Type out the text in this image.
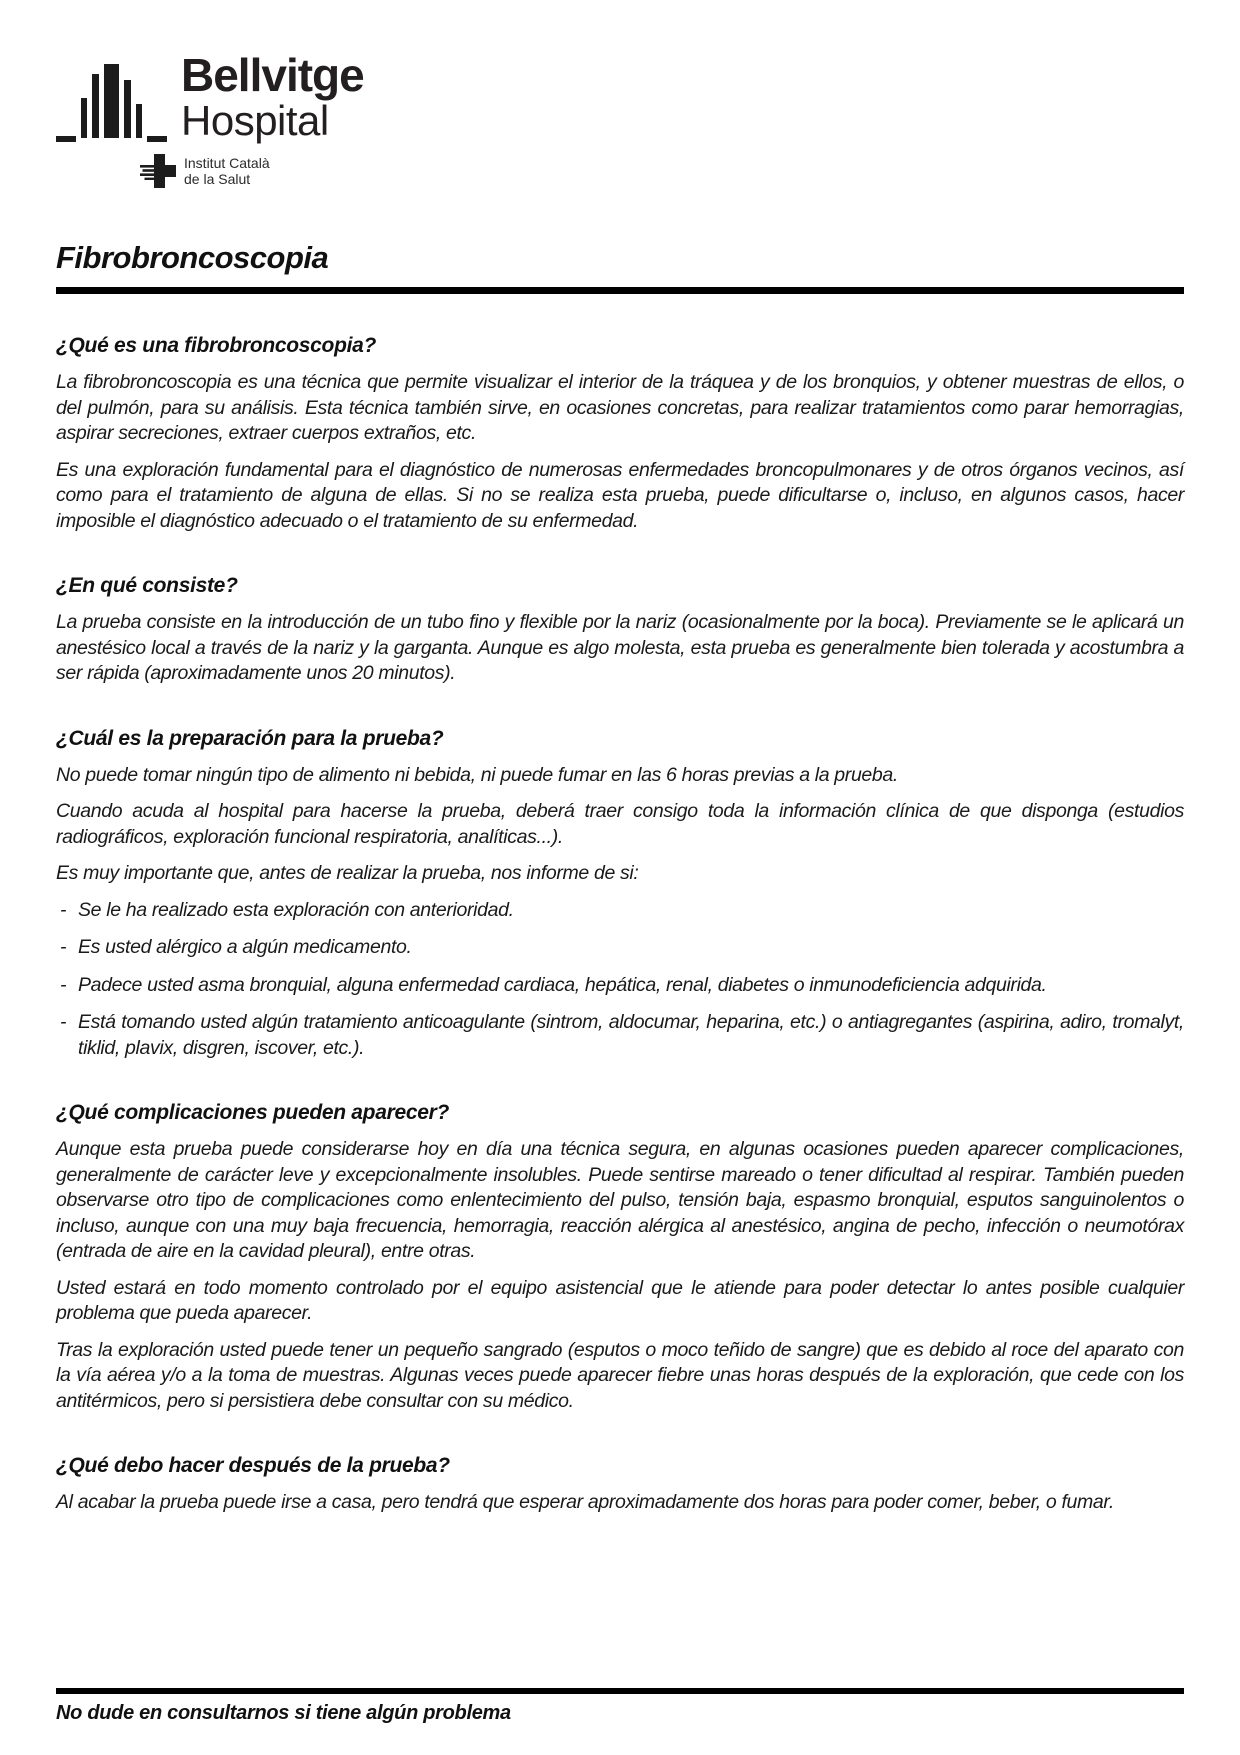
Bellvitge
Hospital
Institut Català
de la Salut
Fibrobroncoscopia
¿Qué es una fibrobroncoscopia?

La fibrobroncoscopia es una técnica que permite visualizar el interior de la tráquea y de los bronquios, y obtener muestras de ellos, o del pulmón, para su análisis. Esta técnica también sirve, en ocasiones concretas, para realizar tratamientos como parar hemorragias, aspirar secreciones, extraer cuerpos extraños, etc.

Es una exploración fundamental para el diagnóstico de numerosas enfermedades broncopulmonares y de otros órganos vecinos, así como para el tratamiento de alguna de ellas. Si no se realiza esta prueba, puede dificultarse o, incluso, en algunos casos, hacer imposible el diagnóstico adecuado o el tratamiento de su enfermedad.

¿En qué consiste?

La prueba consiste en la introducción de un tubo fino y flexible por la nariz (ocasionalmente por la boca). Previamente se le aplicará un anestésico local a través de la nariz y la garganta. Aunque es algo molesta, esta prueba es generalmente bien tolerada y acostumbra a ser rápida (aproximadamente unos 20 minutos).

¿Cuál es la preparación para la prueba?

No puede tomar ningún tipo de alimento ni bebida, ni puede fumar en las 6 horas previas a la prueba.

Cuando acuda al hospital para hacerse la prueba, deberá traer consigo toda la información clínica de que disponga (estudios radiográficos, exploración funcional respiratoria, analíticas...).

Es muy importante que, antes de realizar la prueba, nos informe de si:

- Se le ha realizado esta exploración con anterioridad.
- Es usted alérgico a algún medicamento.
- Padece usted asma bronquial, alguna enfermedad cardiaca, hepática, renal, diabetes o inmunodeficiencia adquirida.
- Está tomando usted algún tratamiento anticoagulante (sintrom, aldocumar, heparina, etc.) o antiagregantes (aspirina, adiro, tromalyt, tiklid, plavix, disgren, iscover, etc.).
¿Qué complicaciones pueden aparecer?

Aunque esta prueba puede considerarse hoy en día una técnica segura, en algunas ocasiones pueden aparecer complicaciones, generalmente de carácter leve y excepcionalmente insolubles. Puede sentirse mareado o tener dificultad al respirar. También pueden observarse otro tipo de complicaciones como enlentecimiento del pulso, tensión baja, espasmo bronquial, esputos sanguinolentos o incluso, aunque con una muy baja frecuencia, hemorragia, reacción alérgica al anestésico, angina de pecho, infección o neumotórax (entrada de aire en la cavidad pleural), entre otras.

Usted estará en todo momento controlado por el equipo asistencial que le atiende para poder detectar lo antes posible cualquier problema que pueda aparecer.

Tras la exploración usted puede tener un pequeño sangrado (esputos o moco teñido de sangre) que es debido al roce del aparato con la vía aérea y/o a la toma de muestras. Algunas veces puede aparecer fiebre unas horas después de la exploración, que cede con los antitérmicos, pero si persistiera debe consultar con su médico.

¿Qué debo hacer después de la prueba?

Al acabar la prueba puede irse a casa, pero tendrá que esperar aproximadamente dos horas para poder comer, beber, o fumar.

No dude en consultarnos si tiene algún problema
